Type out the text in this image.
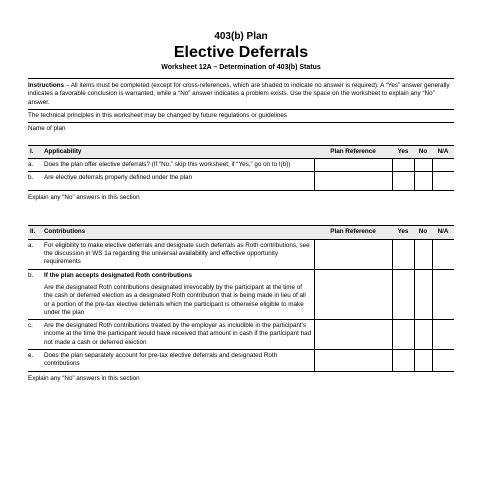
403(b) Plan
Elective Deferrals
Worksheet 12A – Determination of 403(b) Status
Instructions – All items must be completed (except for cross-references, which are shaded to indicate no answer is required). A “Yes” answer generally indicates a favorable conclusion is warranted, while a “No” answer indicates a problem exists. Use the space on the worksheet to explain any “No” answer.
The technical principles in this worksheet may be changed by future regulations or guidelines
Name of plan
I.	Applicability	Plan Reference	Yes	No	N/A
a.	Does the plan offer elective deferrals? (If “No,” skip this worksheet; if “Yes,” go on to I(b))				
b.	Are elective deferrals properly defined under the plan				
Explain any “No” answers in this section
II.	Contributions	Plan Reference	Yes	No	N/A
a.	For eligibility to make elective deferrals and designate such deferrals as Roth contributions, see the discussion in WS 1a regarding the universal availability and effective opportunity requirements				
b.	If the plan accepts designated Roth contributions
Are the designated Roth contributions designated irrevocably by the participant at the time of the cash or deferred election as a designated Roth contribution that is being made in lieu of all or a portion of the pre-tax elective deferrals which the participant is otherwise eligible to make under the plan				

c.	Are the designated Roth contributions treated by the employer as includible in the participant’s income at the time the participant would have received that amount in cash if the participant had not made a cash or deferred election				
e.	Does the plan separately account for pre-tax elective deferrals and designated Roth contributions				
Explain any “No” answers in this section
